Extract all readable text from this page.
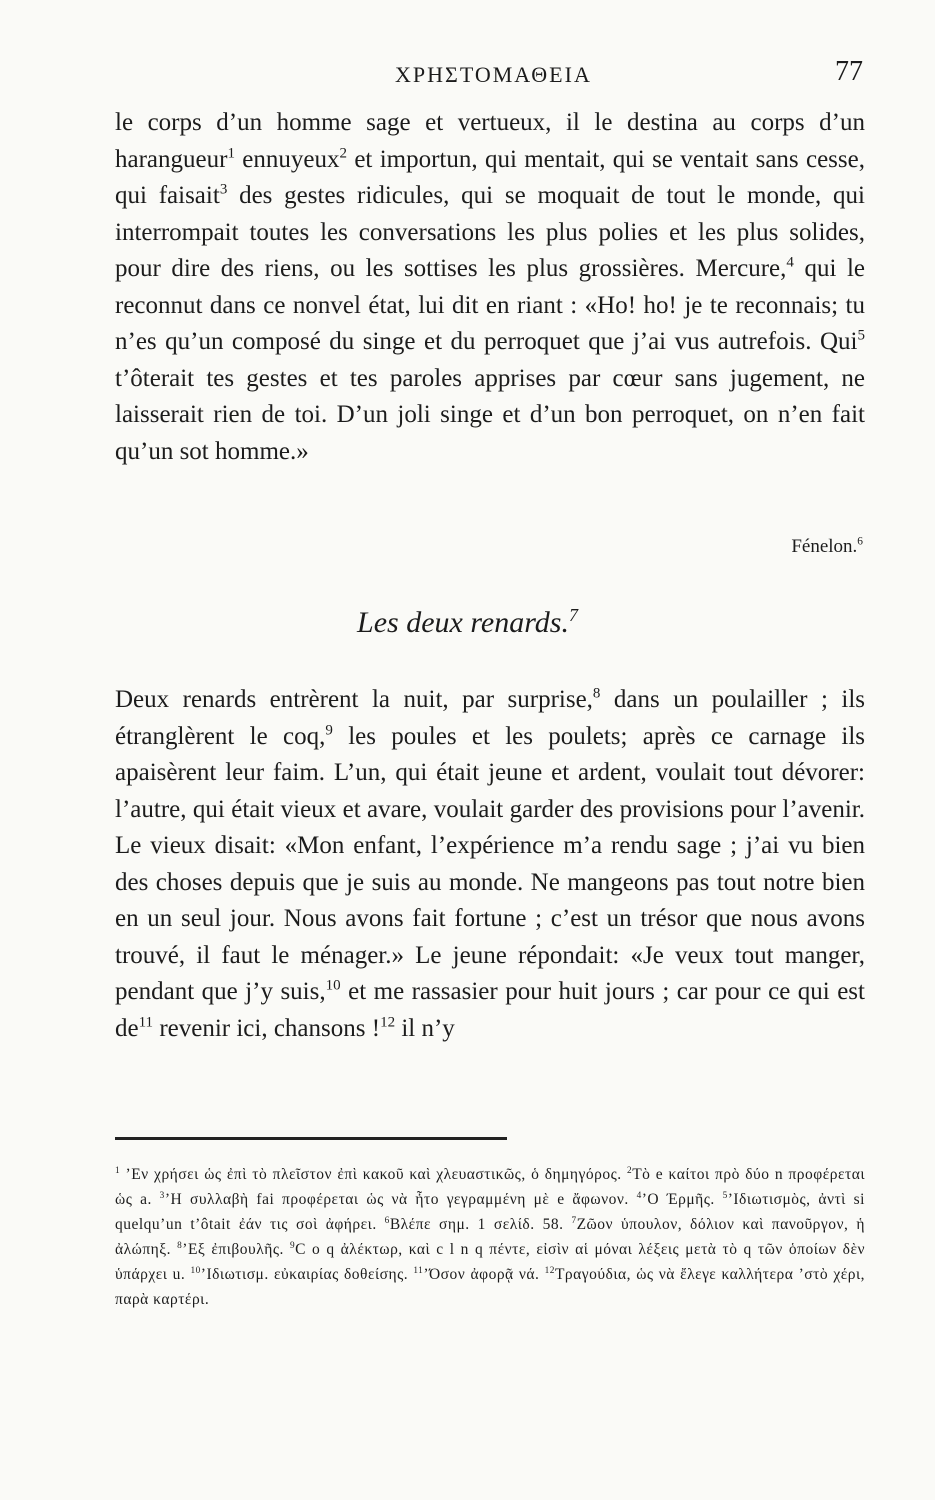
ΧΡΗΣΤΟΜΑΘΕΙΑ	77
le corps d’un homme sage et vertueux, il le destina au corps d’un harangueur$^1$ ennuyeux$^2$ et importun, qui mentait, qui se ventait sans cesse, qui faisait$^3$ des gestes ridicules, qui se moquait de tout le monde, qui interrompait toutes les conversations les plus polies et les plus solides, pour dire des riens, ou les sottises les plus grossières. Mercure,$^4$ qui le reconnut dans ce nonvel état, lui dit en riant : «Ho! ho! je te reconnais; tu n’es qu’un composé du singe et du perroquet que j’ai vus autrefois. Qui$^5$ t’ôterait tes gestes et tes paroles apprises par cœur sans jugement, ne laisserait rien de toi. D’un joli singe et d’un bon perroquet, on n’en fait qu’un sot homme.»
Fénelon.$^6$
Les deux renards.$^7$
Deux renards entrèrent la nuit, par surprise,$^8$ dans un poulailler ; ils étranglèrent le coq,$^9$ les poules et les poulets; après ce carnage ils apaisèrent leur faim. L’un, qui était jeune et ardent, voulait tout dévorer: l’autre, qui était vieux et avare, voulait garder des provisions pour l’avenir. Le vieux disait: «Mon enfant, l’expérience m’a rendu sage ; j’ai vu bien des choses depuis que je suis au monde. Ne mangeons pas tout notre bien en un seul jour. Nous avons fait fortune ; c’est un trésor que nous avons trouvé, il faut le ménager.» Le jeune répondait: «Je veux tout manger, pendant que j’y suis,$^{10}$ et me rassasier pour huit jours ; car pour ce qui est $de^{11}$ revenir ici, chansons !$^{12}$ il n’y
$^1$ ’Εν χρήσει ὡς ἐπὶ τὸ πλεῖστον ἐπὶ κακοῦ καὶ χλευαστικῶς, ὁ δημηγόρος. $^2$Τὸ e καίτοι πρὸ δύο n προφέρεται ὡς a. $^3$’Η συλλαβὴ fai προφέρεται ὡς νὰ ἦτο γεγραμμένη μὲ e ἄφωνον. $^4$’Ο Έρμῆς. $^5$’Ιδιωτισμὸς, ἀντὶ si quelqu’un t’ôtait ἐάν τις σοὶ ἀφήρει. $^6$Βλέπε σημ. 1 σελίδ. 58. $^7$Ζῶον ὑπουλον, δόλιον καὶ πανοῦργον, ἡ ἀλώπηξ. $^8$’Εξ ἐπιβουλῆς. $^9$C o q ἀλέκτωρ, καὶ c l n q πέντε, εἰσὶν αἱ μόναι λέξεις μετὰ τὸ q τῶν ὁποίων δὲν ὑπάρχει u. $^{10}$’Ιδιωτισμ. εὐκαιρίας δοθείσης. $^{11}$’Όσον ἀφορᾷ νά. $^{12}$Τραγούδια, ὡς νὰ ἔλεγε καλλήτερα ’στὸ χέρι, παρὰ καρτέρι.
